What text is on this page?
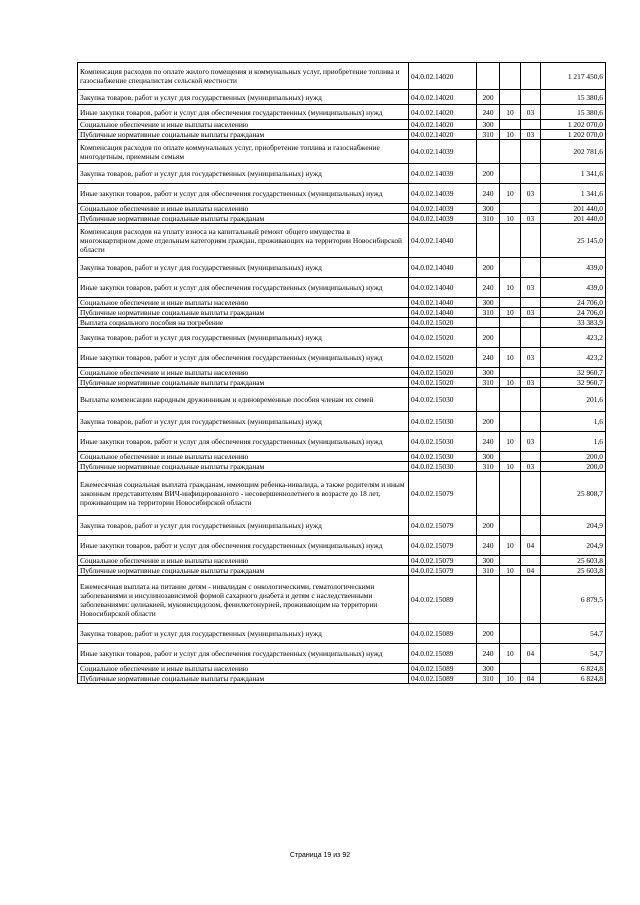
Компенсация расходов по оплате жилого помещения и коммунальных услуг, приобретение топлива и газоснабжение специалистам сельской местности	04.0.02.14020				1 217 450,6
Закупка товаров, работ и услуг для государственных (муниципальных) нужд	04.0.02.14020	200			15 380,6
Иные закупки товаров, работ и услуг для обеспечения государственных (муниципальных) нужд	04.0.02.14020	240	10	03	15 380,6
Социальное обеспечение и иные выплаты населению	04.0.02.14020	300			1 202 070,0
Публичные нормативные социальные выплаты гражданам	04.0.02.14020	310	10	03	1 202 070,0
Компенсация расходов по оплате коммунальных услуг, приобретение топлива и газоснабжение многодетным, приемным семьям	04.0.02.14039				202 781,6
Закупка товаров, работ и услуг для государственных (муниципальных) нужд	04.0.02.14039	200			1 341,6
Иные закупки товаров, работ и услуг для обеспечения государственных (муниципальных) нужд	04.0.02.14039	240	10	03	1 341,6
Социальное обеспечение и иные выплаты населению	04.0.02.14039	300			201 440,0
Публичные нормативные социальные выплаты гражданам	04.0.02.14039	310	10	03	201 440,0
Компенсация расходов на уплату взноса на капитальный ремонт общего имущества в многоквартирном доме отдельным категориям граждан, проживающих на территории Новосибирской области	04.0.02.14040				25 145,0
Закупка товаров, работ и услуг для государственных (муниципальных) нужд	04.0.02.14040	200			439,0
Иные закупки товаров, работ и услуг для обеспечения государственных (муниципальных) нужд	04.0.02.14040	240	10	03	439,0
Социальное обеспечение и иные выплаты населению	04.0.02.14040	300			24 706,0
Публичные нормативные социальные выплаты гражданам	04.0.02.14040	310	10	03	24 706,0
Выплата социального пособия на погребение	04.0.02.15020				33 383,9
Закупка товаров, работ и услуг для государственных (муниципальных) нужд	04.0.02.15020	200			423,2
Иные закупки товаров, работ и услуг для обеспечения государственных (муниципальных) нужд	04.0.02.15020	240	10	03	423,2
Социальное обеспечение и иные выплаты населению	04.0.02.15020	300			32 960,7
Публичные нормативные социальные выплаты гражданам	04.0.02.15020	310	10	03	32 960,7
Выплаты компенсации народным дружинникам и единовременные пособия членам их семей	04.0.02.15030				201,6
Закупка товаров, работ и услуг для государственных (муниципальных) нужд	04.0.02.15030	200			1,6
Иные закупки товаров, работ и услуг для обеспечения государственных (муниципальных) нужд	04.0.02.15030	240	10	03	1,6
Социальное обеспечение и иные выплаты населению	04.0.02.15030	300			200,0
Публичные нормативные социальные выплаты гражданам	04.0.02.15030	310	10	03	200,0
Ежемесячная социальная выплата гражданам, имеющим ребенка-инвалида, а также родителям и иным законным представителям ВИЧ-инфицированного - несовершеннолетнего в возрасте до 18 лет, проживающим на территории Новосибирской области	04.0.02.15079				25 808,7
Закупка товаров, работ и услуг для государственных (муниципальных) нужд	04.0.02.15079	200			204,9
Иные закупки товаров, работ и услуг для обеспечения государственных (муниципальных) нужд	04.0.02.15079	240	10	04	204,9
Социальное обеспечение и иные выплаты населению	04.0.02.15079	300			25 603,8
Публичные нормативные социальные выплаты гражданам	04.0.02.15079	310	10	04	25 603,8
Ежемесячная выплата на питание детям - инвалидам с онкологическими, гематологическими заболеваниями и инсулинозависимой формой сахарного диабета и детям с наследственными заболеваниями: целиакией, муковисцидозом, фенилкетонурией, проживающим на территории Новосибирской области	04.0.02.15089				6 879,5
Закупка товаров, работ и услуг для государственных (муниципальных) нужд	04.0.02.15089	200			54,7
Иные закупки товаров, работ и услуг для обеспечения государственных (муниципальных) нужд	04.0.02.15089	240	10	04	54,7
Социальное обеспечение и иные выплаты населению	04.0.02.15089	300			6 824,8
Публичные нормативные социальные выплаты гражданам	04.0.02.15089	310	10	04	6 824,8
Страница 19 из 92
